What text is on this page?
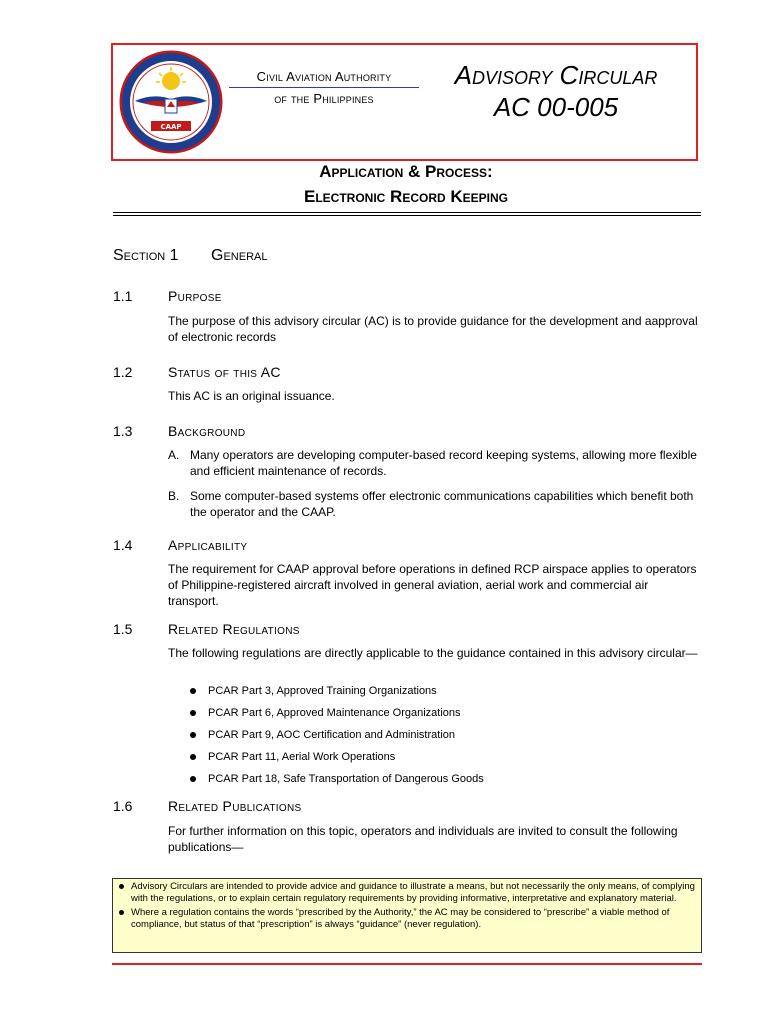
CAAP
Civil Aviation Authority
of the Philippines
Advisory Circular
AC 00-005
Application & Process:
Electronic Record Keeping
Section 1 General
1.1	Purpose
The purpose of this advisory circular (AC) is to provide guidance for the development and aapproval of electronic records
1.2	Status of this AC
This AC is an original issuance.
1.3	Background
A. Many operators are developing computer-based record keeping systems, allowing more flexible and efficient maintenance of records.
B. Some computer-based systems offer electronic communications capabilities which benefit both the operator and the CAAP.
1.4	Applicability
The requirement for CAAP approval before operations in defined RCP airspace applies to operators of Philippine-registered aircraft involved in general aviation, aerial work and commercial air transport.
1.5	Related Regulations
The following regulations are directly applicable to the guidance contained in this advisory circular—
PCAR Part 3, Approved Training Organizations
PCAR Part 6, Approved Maintenance Organizations
PCAR Part 9, AOC Certification and Administration
PCAR Part 11, Aerial Work Operations
PCAR Part 18, Safe Transportation of Dangerous Goods
1.6	Related Publications
For further information on this topic, operators and individuals are invited to consult the following publications—
Advisory Circulars are intended to provide advice and guidance to illustrate a means, but not necessarily the only means, of complying with the regulations, or to explain certain regulatory requirements by providing informative, interpretative and explanatory material.
Where a regulation contains the words “prescribed by the Authority,” the AC may be considered to “prescribe” a viable method of compliance, but status of that “prescription” is always “guidance” (never regulation).
